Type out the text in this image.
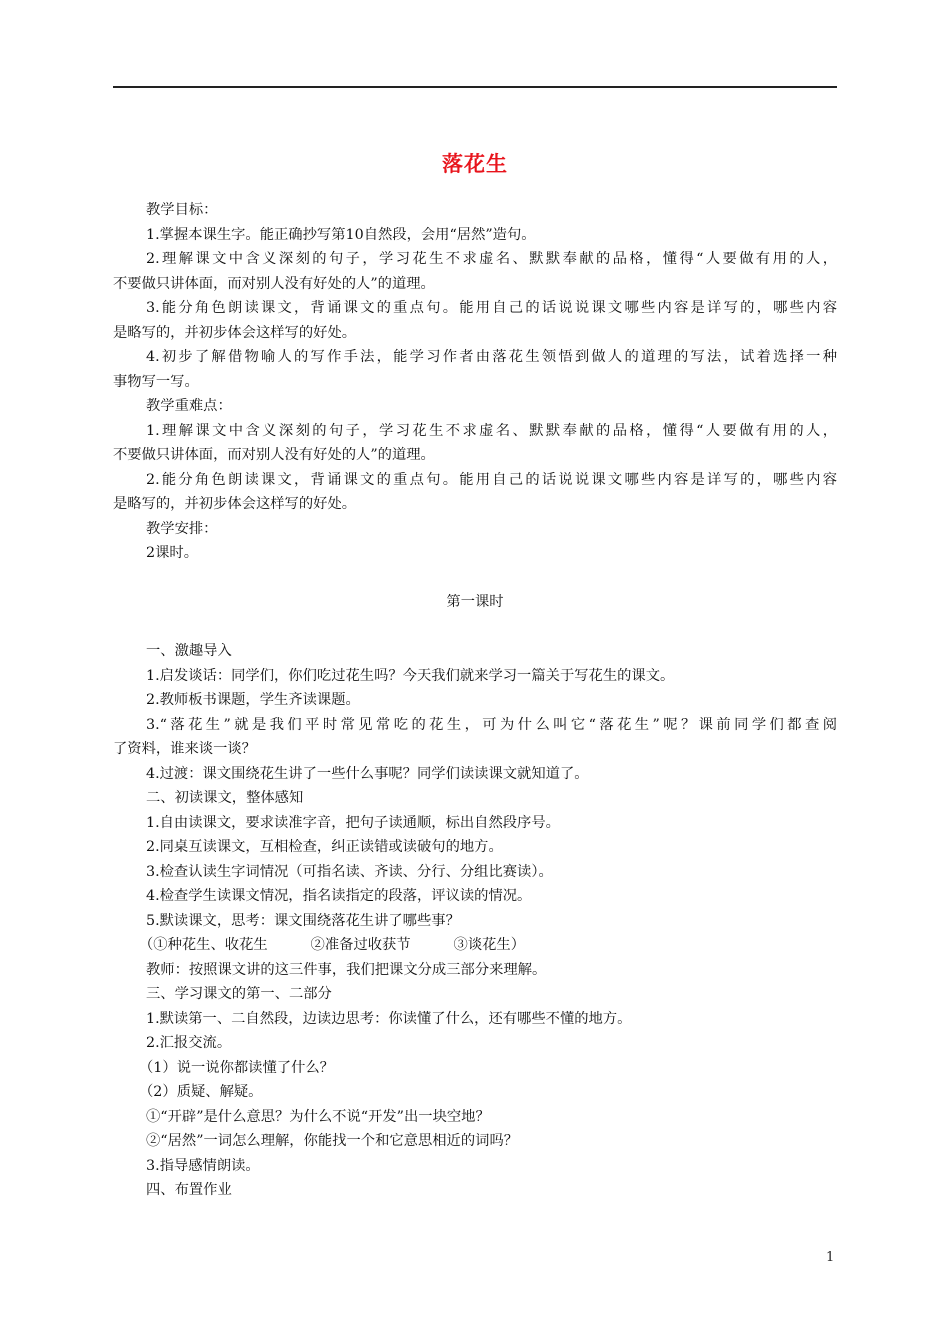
落花生
教学目标：
1.掌握本课生字。能正确抄写第10自然段，会用“居然”造句。
2.理解课文中含义深刻的句子，学习花生不求虚名、默默奉献的品格，懂得“人要做有用的人，
不要做只讲体面，而对别人没有好处的人”的道理。
3.能分角色朗读课文，背诵课文的重点句。能用自己的话说说课文哪些内容是详写的，哪些内容
是略写的，并初步体会这样写的好处。
4.初步了解借物喻人的写作手法，能学习作者由落花生领悟到做人的道理的写法，试着选择一种
事物写一写。
教学重难点：
1.理解课文中含义深刻的句子，学习花生不求虚名、默默奉献的品格，懂得“人要做有用的人，
不要做只讲体面，而对别人没有好处的人”的道理。
2.能分角色朗读课文，背诵课文的重点句。能用自己的话说说课文哪些内容是详写的，哪些内容
是略写的，并初步体会这样写的好处。
教学安排：
2课时。
第一课时
一、激趣导入
1.启发谈话：同学们，你们吃过花生吗？今天我们就来学习一篇关于写花生的课文。
2.教师板书课题，学生齐读课题。
3.“落花生”就是我们平时常见常吃的花生，可为什么叫它“落花生”呢？课前同学们都查阅
了资料，谁来谈一谈？
4.过渡：课文围绕花生讲了一些什么事呢？同学们读读课文就知道了。
二、初读课文，整体感知
1.自由读课文，要求读准字音，把句子读通顺，标出自然段序号。
2.同桌互读课文，互相检查，纠正读错或读破句的地方。
3.检查认读生字词情况（可指名读、齐读、分行、分组比赛读）。
4.检查学生读课文情况，指名读指定的段落，评议读的情况。
5.默读课文，思考：课文围绕落花生讲了哪些事？
（①种花生、收花生　　　②准备过收获节　　　③谈花生）
教师：按照课文讲的这三件事，我们把课文分成三部分来理解。
三、学习课文的第一、二部分
1.默读第一、二自然段，边读边思考：你读懂了什么，还有哪些不懂的地方。
2.汇报交流。
（1）说一说你都读懂了什么？
（2）质疑、解疑。
①“开辟”是什么意思？为什么不说“开发”出一块空地？
②“居然”一词怎么理解，你能找一个和它意思相近的词吗？
3.指导感情朗读。
四、布置作业
1
